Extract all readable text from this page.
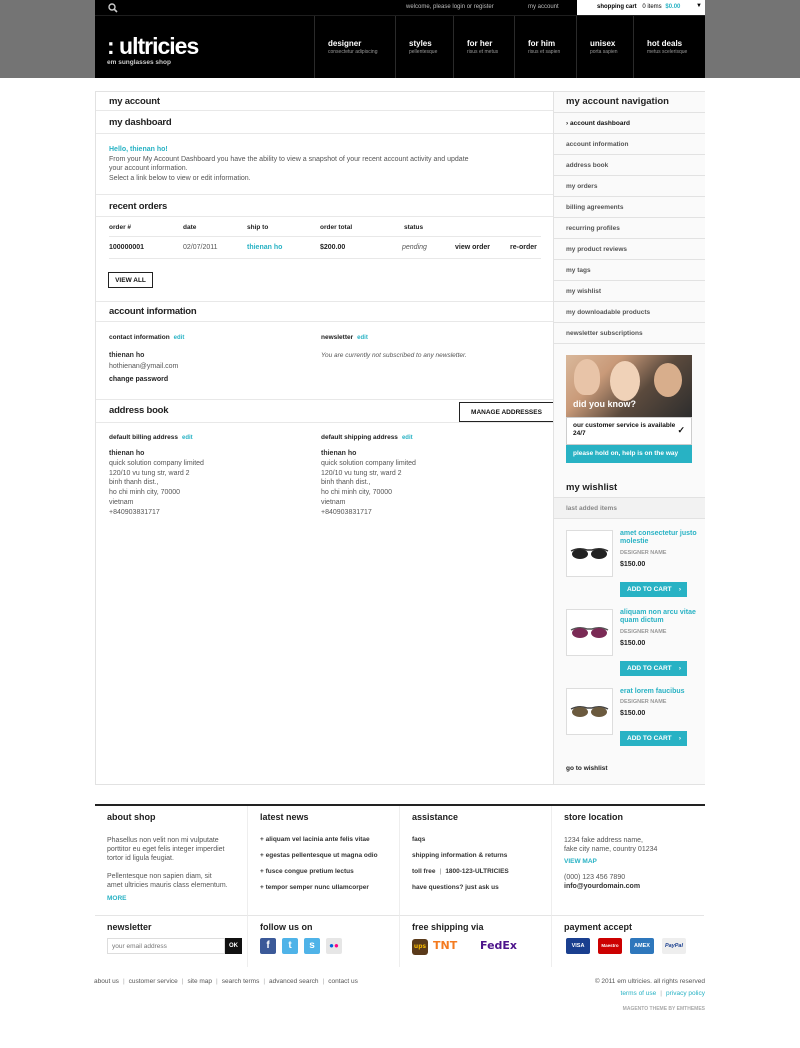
welcome, please login or register	my account	shopping cart 0 items $0.00	▼
: ultricies
em sunglasses shop
designer
consectetur adipiscing
styles
pellentesque
for her
risus et metus
for him
risus et sapien
unisex
porta sapien
hot deals
metus scelerisque
my account
my dashboard
Hello, thienan ho!
From your My Account Dashboard you have the ability to view a snapshot of your recent account activity and update
your account information.
Select a link below to view or edit information.
recent orders
order #	date	ship to	order total	status
100000001	02/07/2011	thienan ho	$200.00	pending	view order	re-order
VIEW ALL
account information
contact information edit
thienan ho
hothienan@ymail.com
change password
newsletter edit
You are currently not subscribed to any newsletter.
address book	MANAGE ADDRESSES
default billing address edit
thienan ho
quick solution company limited
120/10 vu tung str, ward 2
binh thanh dist.,
ho chi minh city, 70000
vietnam
+840903831717
default shipping address edit
thienan ho
quick solution company limited
120/10 vu tung str, ward 2
binh thanh dist.,
ho chi minh city, 70000
vietnam
+840903831717
my account navigation
› account dashboard
account information
address book
my orders
billing agreements
recurring profiles
my product reviews
my tags
my wishlist
my downloadable products
newsletter subscriptions
did you know?
our customer service is available 24/7	✓
please hold on, help is on the way
my wishlist
last added items
amet consectetur justo molestie
DESIGNER NAME
$150.00
ADD TO CART ›
aliquam non arcu vitae quam dictum
DESIGNER NAME
$150.00
ADD TO CART ›
erat lorem faucibus
DESIGNER NAME
$150.00
ADD TO CART ›
go to wishlist
about shop
Phasellus non velit non mi vulputate
porttitor eu eget felis integer imperdiet
tortor id ligula feugiat.
Pellentesque non sapien diam, sit
amet ultricies mauris class elementum.
MORE
latest news
+ aliquam vel lacinia ante felis vitae
+ egestas pellentesque ut magna odio
+ fusce congue pretium lectus
+ tempor semper nunc ullamcorper
assistance
faqs
shipping information & returns
toll free | 1800-123-ULTRICIES
have questions? just ask us
store location
1234 fake address name,
fake city name, country 01234
VIEW MAP
(000) 123 456 7890
info@yourdomain.com
newsletter
your email address	OK
follow us on
f	t	s	●●
free shipping via
ups TNT FedEx
payment accept
VISA	Maestro	AMEX	PayPal
about us | customer service | site map | search terms | advanced search | contact us	© 2011 em ultricies. all rights reserved
terms of use | privacy policy
MAGENTO THEME BY EMTHEMES
